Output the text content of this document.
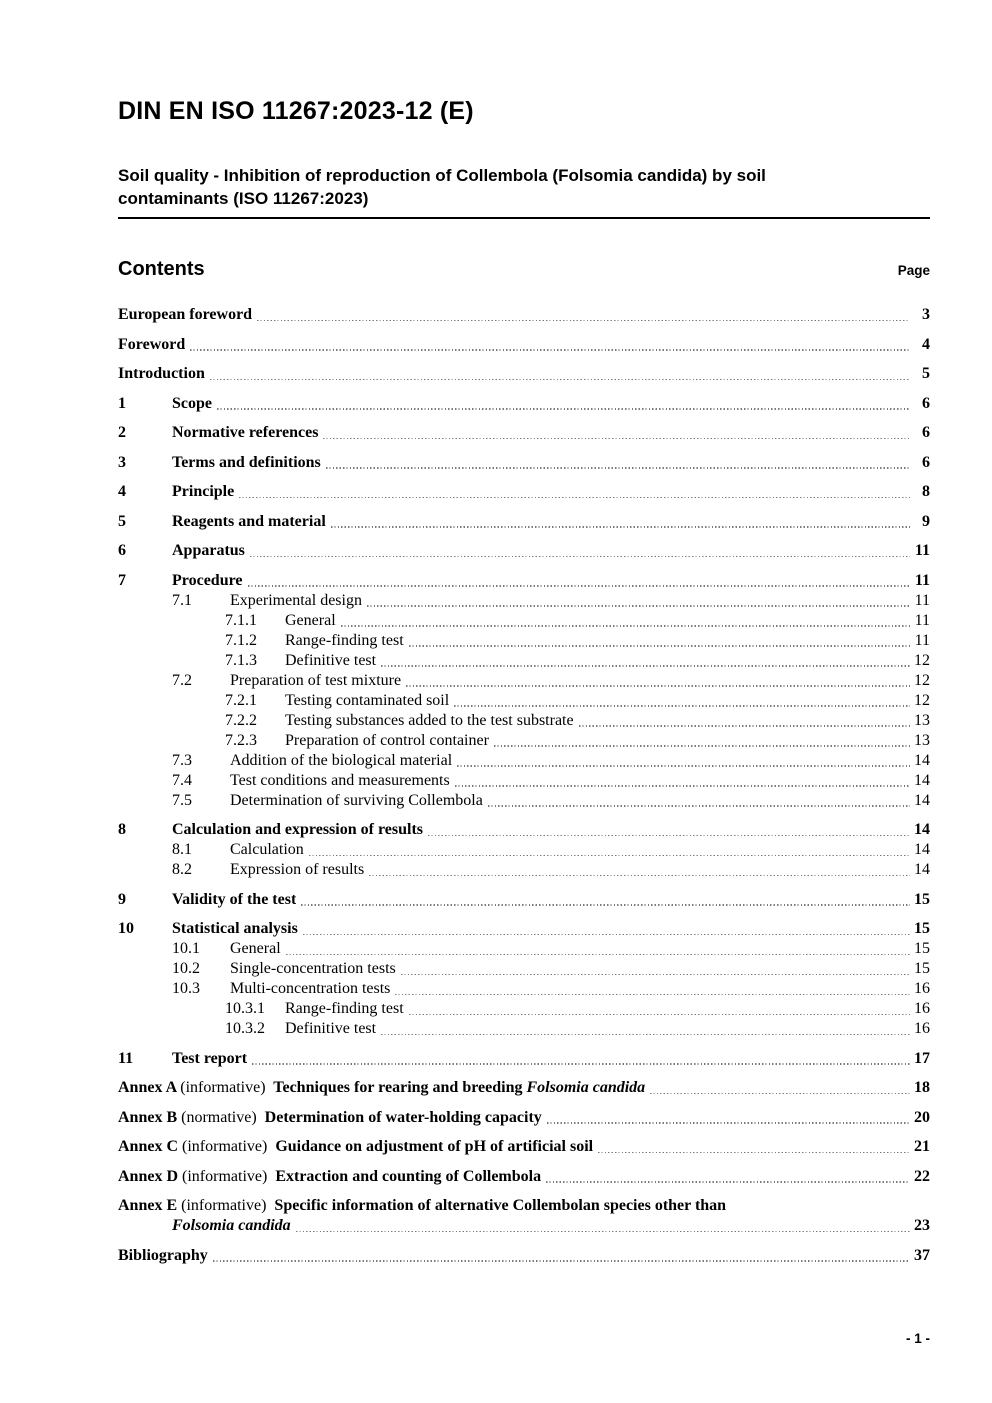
DIN EN ISO 11267:2023-12 (E)
Soil quality - Inhibition of reproduction of Collembola (Folsomia candida) by soil
contaminants (ISO 11267:2023)
Contents	Page
European foreword	3
Foreword	4
Introduction	5
1	Scope	6
2	Normative references	6
3	Terms and definitions	6
4	Principle	8
5	Reagents and material	9
6	Apparatus	11
7	Procedure	11
7.1	Experimental design	11
7.1.1	General	11
7.1.2	Range-finding test	11
7.1.3	Definitive test	12
7.2	Preparation of test mixture	12
7.2.1	Testing contaminated soil	12
7.2.2	Testing substances added to the test substrate	13
7.2.3	Preparation of control container	13
7.3	Addition of the biological material	14
7.4	Test conditions and measurements	14
7.5	Determination of surviving Collembola	14
8	Calculation and expression of results	14
8.1	Calculation	14
8.2	Expression of results	14
9	Validity of the test	15
10	Statistical analysis	15
10.1	General	15
10.2	Single-concentration tests	15
10.3	Multi-concentration tests	16
10.3.1	Range-finding test	16
10.3.2	Definitive test	16
11	Test report	17
Annex A (informative)  Techniques for rearing and breeding Folsomia candida	18
Annex B (normative)  Determination of water-holding capacity	20
Annex C (informative)  Guidance on adjustment of pH of artificial soil	21
Annex D (informative)  Extraction and counting of Collembola	22
Annex E (informative)  Specific information of alternative Collembolan species other than
Folsomia candida	23
Bibliography	37
- 1 -
